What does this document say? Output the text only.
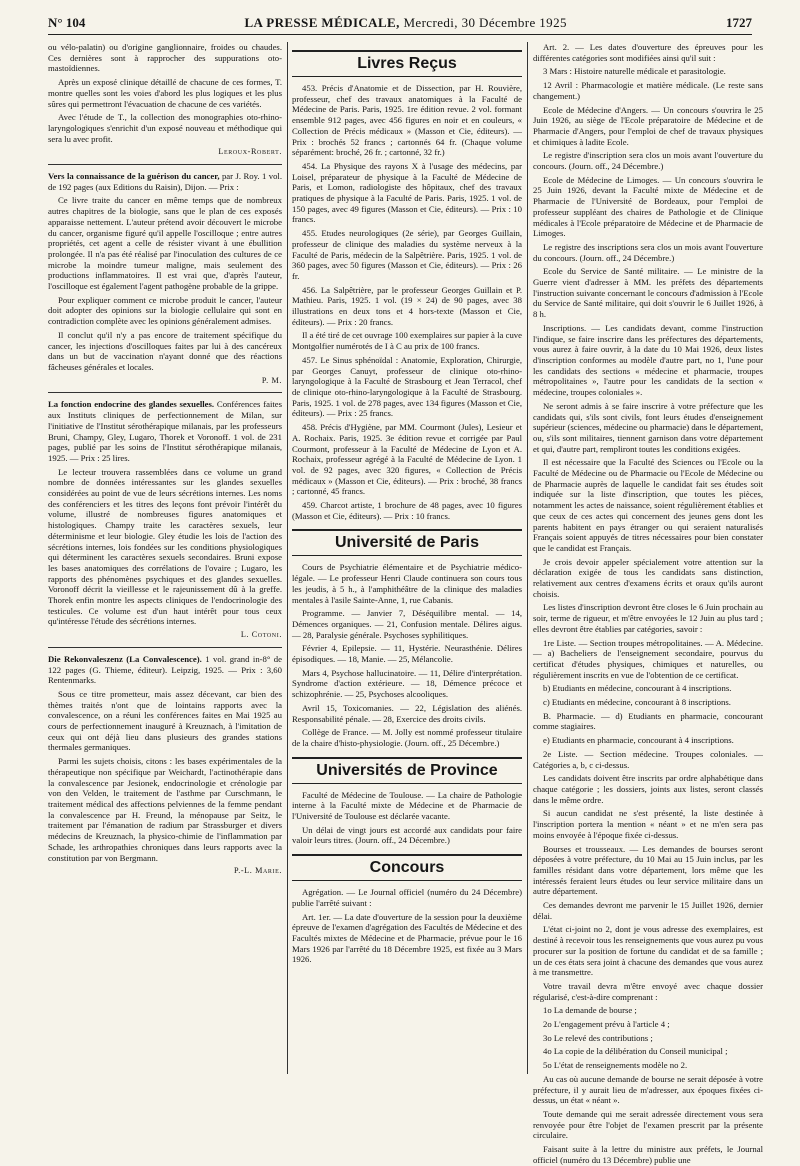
N° 104	LA PRESSE MÉDICALE, Mercredi, 30 Décembre 1925	1727

ou vélo-palatin) ou d'origine ganglionnaire, froides ou chaudes. Ces dernières sont à rapprocher des suppurations oto-mastoïdiennes.

Après un exposé clinique détaillé de chacune de ces formes, T. montre quelles sont les voies d'abord les plus logiques et les plus sûres qui permettront l'évacuation de chacune de ces variétés.

Avec l'étude de T., la collection des monographies oto-rhino-laryngologiques s'enrichit d'un exposé nouveau et méthodique qui sera lu avec profit.

Leroux-Robert.

Vers la connaissance de la guérison du cancer, par J. Roy. 1 vol. de 192 pages (aux Editions du Raisin), Dijon. — Prix :

Ce livre traite du cancer en même temps que de nombreux autres chapitres de la biologie, sans que le plan de ces exposés apparaisse nettement. L'auteur prétend avoir découvert le microbe du cancer, organisme figuré qu'il appelle l'oscilloque ; entre autres propriétés, cet agent a celle de résister vivant à une ébullition prolongée. Il n'a pas été réalisé par l'inoculation des cultures de ce microbe la moindre tumeur maligne, mais seulement des productions inflammatoires. Il est vrai que, d'après l'auteur, l'oscilloque est également l'agent pathogène probable de la grippe.

Pour expliquer comment ce microbe produit le cancer, l'auteur doit adopter des opinions sur la biologie cellulaire qui sont en contradiction complète avec les opinions généralement admises.

Il conclut qu'il n'y a pas encore de traitement spécifique du cancer, les injections d'oscilloques faites par lui à des cancéreux dans un but de vaccination n'ayant donné que des réactions fâcheuses générales et locales.

P. M.

La fonction endocrine des glandes sexuelles. Conférences faites aux Instituts cliniques de perfectionnement de Milan, sur l'initiative de l'Institut sérothérapique milanais, par les professeurs Bruni, Champy, Gley, Lugaro, Thorek et Voronoff. 1 vol. de 231 pages, publié par les soins de l'Institut sérothérapique milanais, 1925. — Prix : 25 lires.

Le lecteur trouvera rassemblées dans ce volume un grand nombre de données intéressantes sur les glandes sexuelles considérées au point de vue de leurs sécrétions internes. Les noms des conférenciers et les titres des leçons font prévoir l'intérêt du volume, illustré de nombreuses figures anatomiques et histologiques. Champy traite les caractères sexuels, leur déterminisme et leur biologie. Gley étudie les lois de l'action des sécrétions internes, lois fondées sur les conditions physiologiques qui déterminent les caractères sexuels secondaires. Bruni expose les bases anatomiques des corrélations de l'ovaire ; Lugaro, les rapports des phénomènes psychiques et des glandes sexuelles. Voronoff décrit la vieillesse et le rajeunissement dû à la greffe. Thorek enfin montre les aspects cliniques de l'endocrinologie des testicules. Ce volume est d'un haut intérêt pour tous ceux qu'intéresse l'étude des sécrétions internes.

L. Cotoni.

Die Rekonvaleszenz (La Convalescence). 1 vol. grand in-8° de 122 pages (G. Thieme, éditeur). Leipzig, 1925. — Prix : 3,60 Rentenmarks.

Sous ce titre prometteur, mais assez décevant, car bien des thèmes traités n'ont que de lointains rapports avec la convalescence, on a réuni les conférences faites en Mai 1925 au cours de perfectionnement inauguré à Kreuznach, à l'imitation de ceux qui ont déjà lieu dans plusieurs des grandes stations thermales germaniques.

Parmi les sujets choisis, citons : les bases expérimentales de la thérapeutique non spécifique par Weichardt, l'actinothérapie dans la convalescence par Jesionek, endocrinologie et crénologie par von den Velden, le traitement de l'asthme par Curschmann, le traitement médical des affections pelviennes de la femme pendant la convalescence par H. Freund, la ménopause par Seitz, le traitement par l'émanation de radium par Strassburger et divers médecins de Kreuznach, la physico-chimie de l'inflammation par Schade, les arthropathies chroniques dans leurs rapports avec la constitution par von Bergmann.

P.-L. Marie.
Livres Reçus

453. Précis d'Anatomie et de Dissection, par H. Rouvière, professeur, chef des travaux anatomiques à la Faculté de Médecine de Paris. Paris, 1925. 1re édition revue. 2 vol. formant ensemble 912 pages, avec 456 figures en noir et en couleurs, « Collection de Précis médicaux » (Masson et Cie, éditeurs). — Prix : brochés 52 francs ; cartonnés 64 fr. (Chaque volume séparément: broché, 26 fr. ; cartonné, 32 fr.)

454. La Physique des rayons X à l'usage des médecins, par Loisel, préparateur de physique à la Faculté de Médecine de Paris, et Lomon, radiologiste des hôpitaux, chef des travaux pratiques de physique à la Faculté de Paris. Paris, 1925. 1 vol. de 150 pages, avec 49 figures (Masson et Cie, éditeurs). — Prix : 10 francs.

455. Etudes neurologiques (2e série), par Georges Guillain, professeur de clinique des maladies du système nerveux à la Faculté de Paris, médecin de la Salpêtrière. Paris, 1925. 1 vol. de 360 pages, avec 50 figures (Masson et Cie, éditeurs). — Prix : 26 fr.

456. La Salpêtrière, par le professeur Georges Guillain et P. Mathieu. Paris, 1925. 1 vol. (19 × 24) de 90 pages, avec 38 illustrations en deux tons et 4 hors-texte (Masson et Cie, éditeurs). — Prix : 20 francs.

Il a été tiré de cet ouvrage 100 exemplaires sur papier à la cuve Montgolfier numérotés de I à C au prix de 100 francs.

457. Le Sinus sphénoïdal : Anatomie, Exploration, Chirurgie, par Georges Canuyt, professeur de clinique oto-rhino-laryngologique à la Faculté de Strasbourg et Jean Terracol, chef de clinique oto-rhino-laryngologique à la Faculté de Strasbourg. Paris, 1925. 1 vol. de 278 pages, avec 134 figures (Masson et Cie, éditeurs). — Prix : 25 francs.

458. Précis d'Hygiène, par MM. Courmont (Jules), Lesieur et A. Rochaix. Paris, 1925. 3e édition revue et corrigée par Paul Courmont, professeur à la Faculté de Médecine de Lyon et A. Rochaix, professeur agrégé à la Faculté de Médecine de Lyon. 1 vol. de 92 pages, avec 320 figures, « Collection de Précis médicaux » (Masson et Cie, éditeurs). — Prix : broché, 38 francs ; cartonné, 45 francs.

459. Charcot artiste, 1 brochure de 48 pages, avec 10 figures (Masson et Cie, éditeurs). — Prix : 10 francs.

Université de Paris

Cours de Psychiatrie élémentaire et de Psychiatrie médico-légale. — Le professeur Henri Claude continuera son cours tous les jeudis, à 5 h., à l'amphithéâtre de la clinique des maladies mentales à l'asile Sainte-Anne, 1, rue Cabanis.

Programme. — Janvier 7, Déséquilibre mental. — 14, Démences organiques. — 21, Confusion mentale. Délires aigus. — 28, Paralysie générale. Psychoses syphilitiques.

Février 4, Epilepsie. — 11, Hystérie. Neurasthénie. Délires épisodiques. — 18, Manie. — 25, Mélancolie.

Mars 4, Psychose hallucinatoire. — 11, Délire d'interprétation. Syndrome d'action extérieure. — 18, Démence précoce et schizophrénie. — 25, Psychoses alcooliques.

Avril 15, Toxicomanies. — 22, Législation des aliénés. Responsabilité pénale. — 28, Exercice des droits civils.

Collège de France. — M. Jolly est nommé professeur titulaire de la chaire d'histo-physiologie. (Journ. off., 25 Décembre.)

Universités de Province

Faculté de Médecine de Toulouse. — La chaire de Pathologie interne à la Faculté mixte de Médecine et de Pharmacie de l'Université de Toulouse est déclarée vacante.

Un délai de vingt jours est accordé aux candidats pour faire valoir leurs titres. (Journ. off., 24 Décembre.)

Concours

Agrégation. — Le Journal officiel (numéro du 24 Décembre) publie l'arrêté suivant :

Art. 1er. — La date d'ouverture de la session pour la deuxième épreuve de l'examen d'agrégation des Facultés de Médecine et des Facultés mixtes de Médecine et de Pharmacie, prévue pour le 16 Mars 1926 par l'arrêté du 18 Décembre 1925, est fixée au 3 Mars 1926.

Art. 2. — Les dates d'ouverture des épreuves pour les différentes catégories sont modifiées ainsi qu'il suit :

3 Mars : Histoire naturelle médicale et parasitologie.

12 Avril : Pharmacologie et matière médicale. (Le reste sans changement.)

Ecole de Médecine d'Angers. — Un concours s'ouvrira le 25 Juin 1926, au siège de l'Ecole préparatoire de Médecine et de Pharmacie d'Angers, pour l'emploi de chef de travaux physiques et chimiques à ladite Ecole.

Le registre d'inscription sera clos un mois avant l'ouverture du concours. (Journ. off., 24 Décembre.)

Ecole de Médecine de Limoges. — Un concours s'ouvrira le 25 Juin 1926, devant la Faculté mixte de Médecine et de Pharmacie de l'Université de Bordeaux, pour l'emploi de professeur suppléant des chaires de Pathologie et de Clinique médicales à l'Ecole préparatoire de Médecine et de Pharmacie de Limoges.

Le registre des inscriptions sera clos un mois avant l'ouverture du concours. (Journ. off., 24 Décembre.)

Ecole du Service de Santé militaire. — Le ministre de la Guerre vient d'adresser à MM. les préfets des départements l'instruction suivante concernant le concours d'admission à l'Ecole du Service de Santé militaire, qui doit s'ouvrir le 6 Juillet 1926, à 8 h.

Inscriptions. — Les candidats devant, comme l'instruction l'indique, se faire inscrire dans les préfectures des départements, vous aurez à faire ouvrir, à la date du 10 Mai 1926, deux listes d'inscription conformes au modèle d'autre part, no 1, l'une pour les candidats des sections « médecine et pharmacie, troupes métropolitaines », l'autre pour les candidats de la section « médecine, troupes coloniales ».

Ne seront admis à se faire inscrire à votre préfecture que les candidats qui, s'ils sont civils, font leurs études d'enseignement supérieur (sciences, médecine ou pharmacie) dans le département, ou, s'ils sont militaires, tiennent garnison dans votre département et qui, d'autre part, rempliront toutes les conditions exigées.

Il est nécessaire que la Faculté des Sciences ou l'Ecole ou la Faculté de Médecine ou de Pharmacie ou l'Ecole de Médecine ou de Pharmacie auprès de laquelle le candidat fait ses études soit indiquée sur la liste d'inscription, que toutes les pièces, notamment les actes de naissance, soient régulièrement établies et que ceux de ces actes qui concernent des jeunes gens dont les parents habitent en pays étranger ou qui seraient naturalisés Français soient appuyés de titres nécessaires pour bien constater que le candidat est Français.

Je crois devoir appeler spécialement votre attention sur la déclaration exigée de tous les candidats sans distinction, relativement aux centres d'examens écrits et oraux qu'ils auront choisis.

Les listes d'inscription devront être closes le 6 Juin prochain au soir, terme de rigueur, et m'être envoyées le 12 Juin au plus tard ; elles devront être établies par catégories, savoir :

1re Liste. — Section troupes métropolitaines. — A. Médecine. — a) Bacheliers de l'enseignement secondaire, pourvus du certificat d'études physiques, chimiques et naturelles, ou régulièrement inscrits en vue de l'obtention de ce certificat.

b) Etudiants en médecine, concourant à 4 inscriptions.

c) Etudiants en médecine, concourant à 8 inscriptions.

B. Pharmacie. — d) Etudiants en pharmacie, concourant comme stagiaires.

e) Etudiants en pharmacie, concourant à 4 inscriptions.

2e Liste. — Section médecine. Troupes coloniales. — Catégories a, b, c ci-dessus.

Les candidats doivent être inscrits par ordre alphabétique dans chaque catégorie ; les dossiers, joints aux listes, seront classés dans le même ordre.

Si aucun candidat ne s'est présenté, la liste destinée à l'inscription portera la mention « néant » et ne m'en sera pas moins envoyée à l'époque fixée ci-dessus.

Bourses et trousseaux. — Les demandes de bourses seront déposées à votre préfecture, du 10 Mai au 15 Juin inclus, par les familles résidant dans votre département, lors même que les intéressés feraient leurs études ou leur service militaire dans un autre département.

Ces demandes devront me parvenir le 15 Juillet 1926, dernier délai.

L'état ci-joint no 2, dont je vous adresse des exemplaires, est destiné à recevoir tous les renseignements que vous aurez pu vous procurer sur la position de fortune du candidat et de sa famille ; un de ces états sera joint à chacune des demandes que vous aurez à me transmettre.

Votre travail devra m'être envoyé avec chaque dossier régularisé, c'est-à-dire comprenant :

1o La demande de bourse ;

2o L'engagement prévu à l'article 4 ;

3o Le relevé des contributions ;

4o La copie de la délibération du Conseil municipal ;

5o L'état de renseignements modèle no 2.

Au cas où aucune demande de bourse ne serait déposée à votre préfecture, il y aurait lieu de m'adresser, aux époques fixées ci-dessus, un état « néant ».

Toute demande qui me serait adressée directement vous sera renvoyée pour être l'objet de l'examen prescrit par la présente circulaire.

Faisant suite à la lettre du ministre aux préfets, le Journal officiel (numéro du 13 Décembre) publie une
